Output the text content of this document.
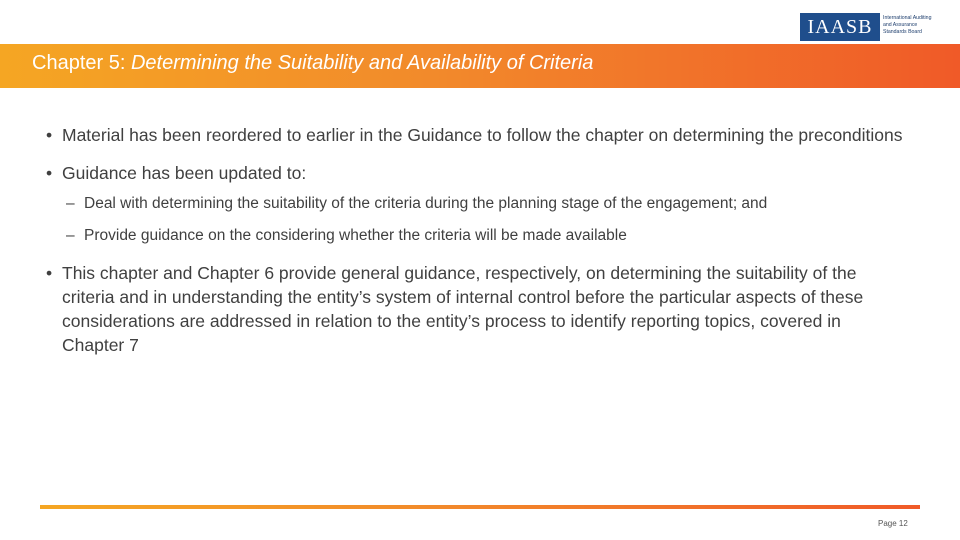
IAASB	International Auditing
and Assurance
Standards Board
Chapter 5: Determining the Suitability and Availability of Criteria
• Material has been reordered to earlier in the Guidance to follow the chapter on determining the preconditions
• Guidance has been updated to:
– Deal with determining the suitability of the criteria during the planning stage of the engagement; and
– Provide guidance on the considering whether the criteria will be made available
• This chapter and Chapter 6 provide general guidance, respectively, on determining the suitability of the criteria and in understanding the entity’s system of internal control before the particular aspects of these considerations are addressed in relation to the entity’s process to identify reporting topics, covered in Chapter 7
Page 12
